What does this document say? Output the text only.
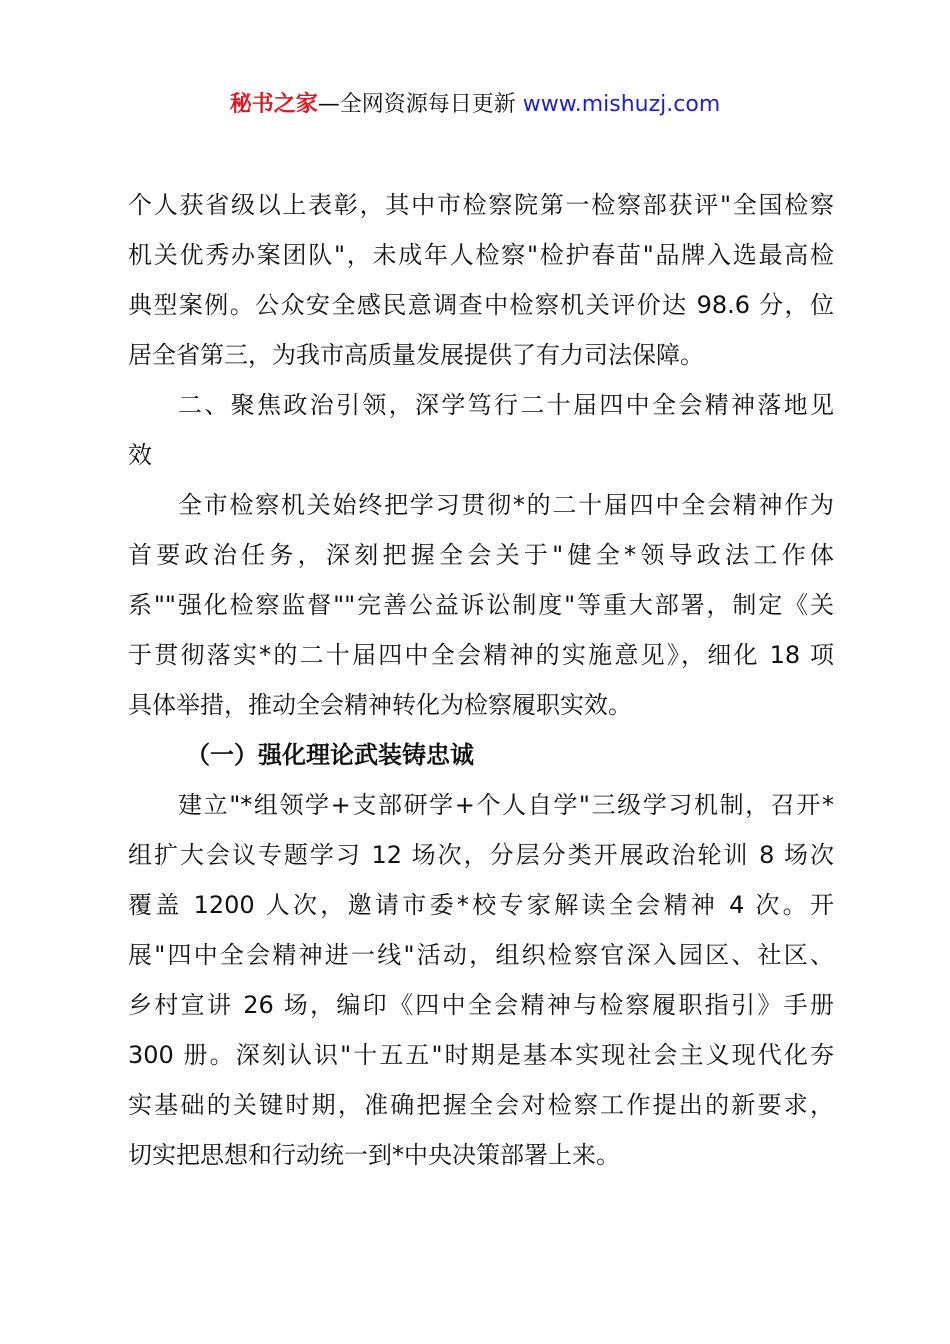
秘书之家—全网资源每日更新 www.mishuzj.com
个人获省级以上表彰，其中市检察院第一检察部获评"全国检察
机关优秀办案团队"，未成年人检察"检护春苗"品牌入选最高检
典型案例。公众安全感民意调查中检察机关评价达 98.6 分，位
居全省第三，为我市高质量发展提供了有力司法保障。
二、聚焦政治引领，深学笃行二十届四中全会精神落地见
效
全市检察机关始终把学习贯彻*的二十届四中全会精神作为
首要政治任务，深刻把握全会关于"健全*领导政法工作体
系""强化检察监督""完善公益诉讼制度"等重大部署，制定《关
于贯彻落实*的二十届四中全会精神的实施意见》，细化 18 项
具体举措，推动全会精神转化为检察履职实效。
（一）强化理论武装铸忠诚
建立"*组领学+支部研学+个人自学"三级学习机制，召开*
组扩大会议专题学习 12 场次，分层分类开展政治轮训 8 场次
覆盖 1200 人次，邀请市委*校专家解读全会精神 4 次。开
展"四中全会精神进一线"活动，组织检察官深入园区、社区、
乡村宣讲 26 场，编印《四中全会精神与检察履职指引》手册
300 册。深刻认识"十五五"时期是基本实现社会主义现代化夯
实基础的关键时期，准确把握全会对检察工作提出的新要求，
切实把思想和行动统一到*中央决策部署上来。
